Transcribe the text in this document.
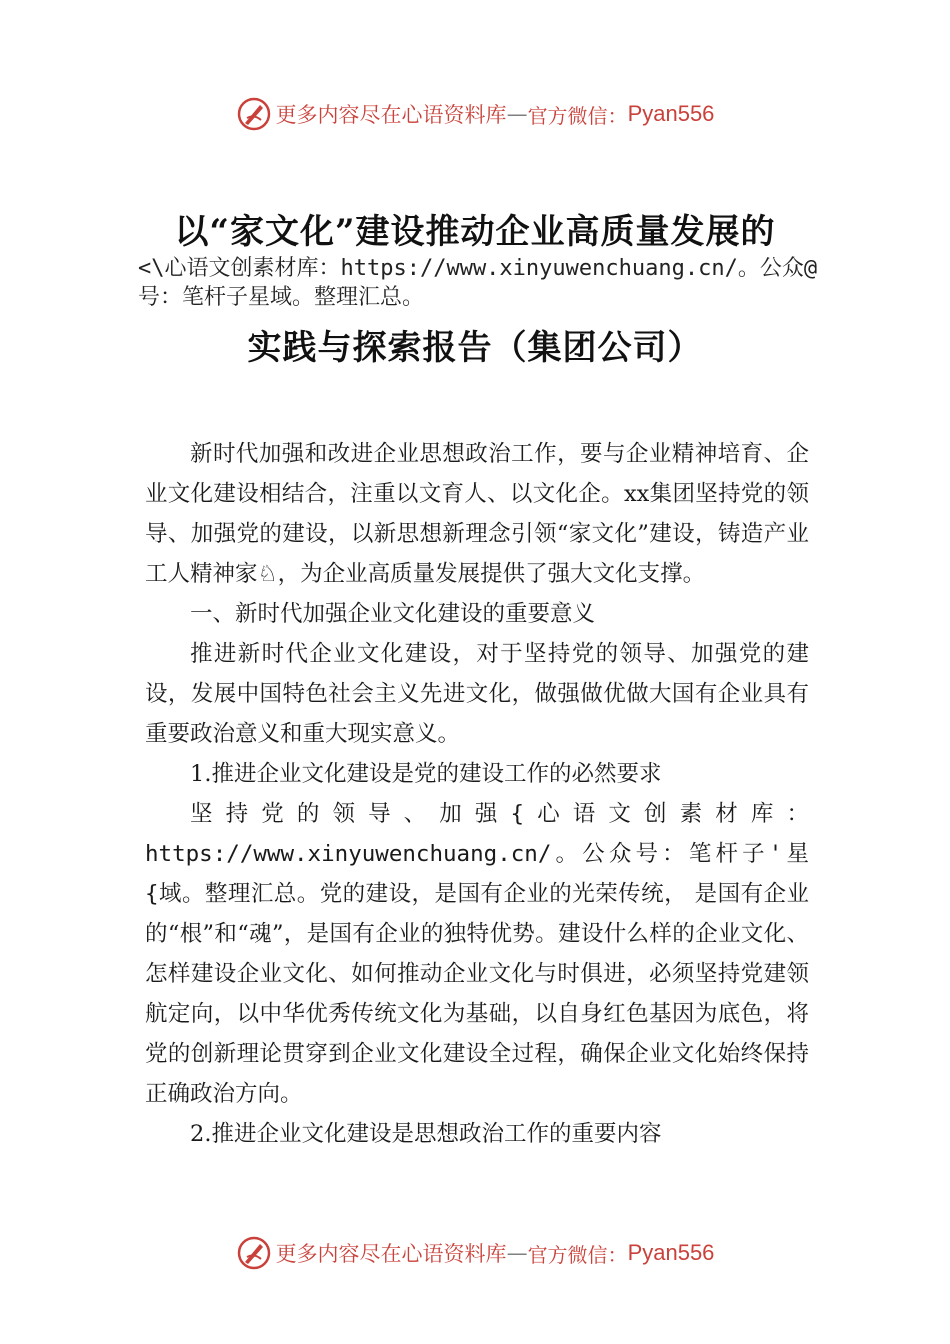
更多内容尽在心语资料库 — 官方微信： Pyan556
以“家文化”建设推动企业高质量发展的
<\心语文创素材库：https://www.xinyuwenchuang.cn/。公众@号：笔杆子星域。整理汇总。
实践与探索报告（集团公司）

新时代加强和改进企业思想政治工作，要与企业精神培育、企业文化建设相结合，注重以文育人、以文化企。xx集团坚持党的领导、加强党的建设，以新思想新理念引领“家文化”建设，铸造产业工人精神家♘，为企业高质量发展提供了强大文化支撑。

一、新时代加强企业文化建设的重要意义

推进新时代企业文化建设，对于坚持党的领导、加强党的建设，发展中国特色社会主义先进文化，做强做优做大国有企业具有重要政治意义和重大现实意义。

1.推进企业文化建设是党的建设工作的必然要求

坚持党的领导、加强{心语文创素材库：https://www.xinyuwenchuang.cn/。公众号：笔杆子'星{域。整理汇总。党的建设，是国有企业的光荣传统， 是国有企业的“根”和“魂”，是国有企业的独特优势。建设什么样的企业文化、怎样建设企业文化、如何推动企业文化与时俱进，必须坚持党建领航定向，以中华优秀传统文化为基础，以自身红色基因为底色，将党的创新理论贯穿到企业文化建设全过程，确保企业文化始终保持正确政治方向。

2.推进企业文化建设是思想政治工作的重要内容

更多内容尽在心语资料库 — 官方微信： Pyan556
